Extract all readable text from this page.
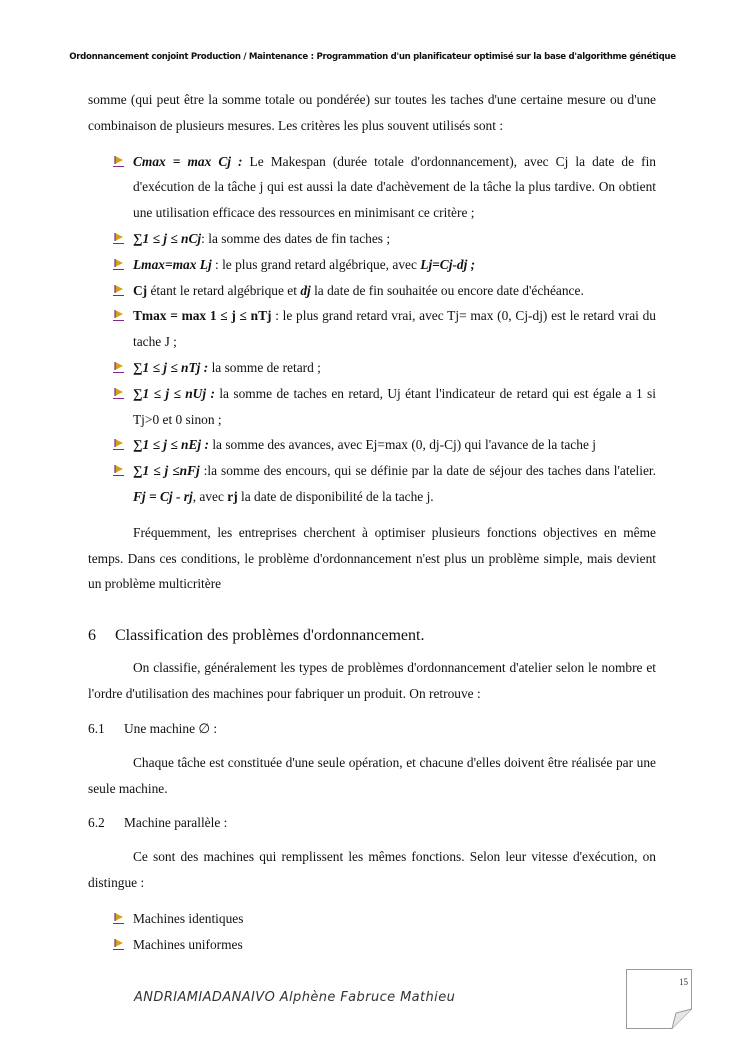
Ordonnancement conjoint Production / Maintenance : Programmation d'un planificateur optimisé sur la base d'algorithme génétique

somme (qui peut être la somme totale ou pondérée) sur toutes les taches d'une certaine mesure ou d'une combinaison de plusieurs mesures. Les critères les plus souvent utilisés sont :

Cmax = max Cj : Le Makespan (durée totale d'ordonnancement), avec Cj la date de fin d'exécution de la tâche j qui est aussi la date d'achèvement de la tâche la plus tardive. On obtient une utilisation efficace des ressources en minimisant ce critère ;
∑1 ≤ j ≤ nCj: la somme des dates de fin taches ;
Lmax=max Lj : le plus grand retard algébrique, avec Lj=Cj-dj ;
Cj étant le retard algébrique et dj la date de fin souhaitée ou encore date d'échéance.
Tmax = max 1 ≤ j ≤ nTj : le plus grand retard vrai, avec Tj= max (0, Cj-dj) est le retard vrai du tache J ;
∑1 ≤ j ≤ nTj : la somme de retard ;
∑1 ≤ j ≤ nUj : la somme de taches en retard, Uj étant l'indicateur de retard qui est égale a 1 si Tj>0 et 0 sinon ;
∑1 ≤ j ≤ nEj : la somme des avances, avec Ej=max (0, dj-Cj) qui l'avance de la tache j
∑1 ≤ j ≤nFj :la somme des encours, qui se définie par la date de séjour des taches dans l'atelier. Fj = Cj - rj, avec rj la date de disponibilité de la tache j.

Fréquemment, les entreprises cherchent à optimiser plusieurs fonctions objectives en même temps. Dans ces conditions, le problème d'ordonnancement n'est plus un problème simple, mais devient un problème multicritère

6 Classification des problèmes d'ordonnancement.

On classifie, généralement les types de problèmes d'ordonnancement d'atelier selon le nombre et l'ordre d'utilisation des machines pour fabriquer un produit. On retrouve :

6.1 Une machine ∅ :

Chaque tâche est constituée d'une seule opération, et chacune d'elles doivent être réalisée par une seule machine.

6.2 Machine parallèle :

Ce sont des machines qui remplissent les mêmes fonctions. Selon leur vitesse d'exécution, on distingue :

Machines identiques
Machines uniformes
ANDRIAMIADANAIVO Alphène Fabruce Mathieu
15
